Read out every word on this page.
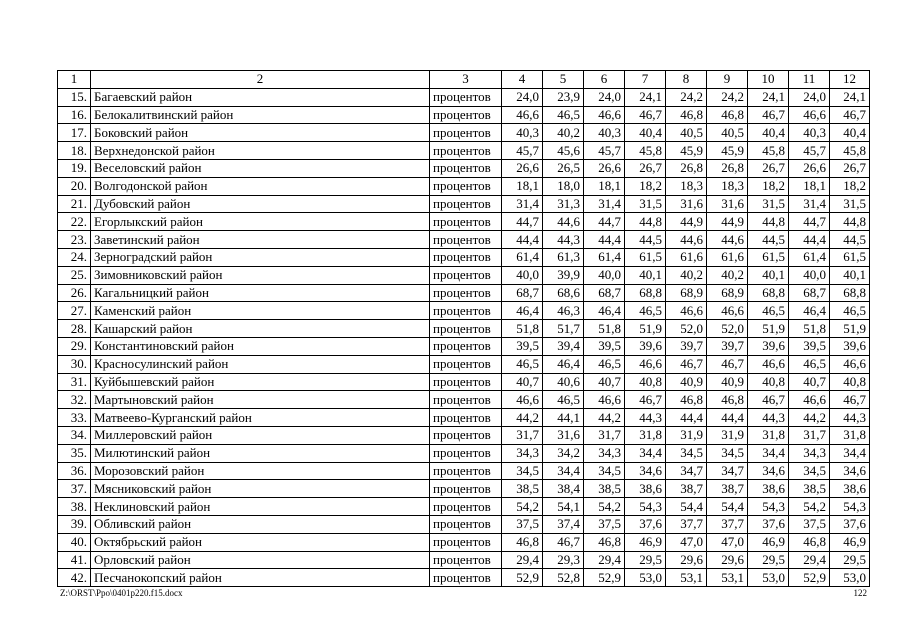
1	2	3	4	5	6	7	8	9	10	11	12
15.	Багаевский район	процентов	24,0	23,9	24,0	24,1	24,2	24,2	24,1	24,0	24,1
16.	Белокалитвинский район	процентов	46,6	46,5	46,6	46,7	46,8	46,8	46,7	46,6	46,7
17.	Боковский район	процентов	40,3	40,2	40,3	40,4	40,5	40,5	40,4	40,3	40,4
18.	Верхнедонской район	процентов	45,7	45,6	45,7	45,8	45,9	45,9	45,8	45,7	45,8
19.	Веселовский район	процентов	26,6	26,5	26,6	26,7	26,8	26,8	26,7	26,6	26,7
20.	Волгодонской район	процентов	18,1	18,0	18,1	18,2	18,3	18,3	18,2	18,1	18,2
21.	Дубовский район	процентов	31,4	31,3	31,4	31,5	31,6	31,6	31,5	31,4	31,5
22.	Егорлыкский район	процентов	44,7	44,6	44,7	44,8	44,9	44,9	44,8	44,7	44,8
23.	Заветинский район	процентов	44,4	44,3	44,4	44,5	44,6	44,6	44,5	44,4	44,5
24.	Зерноградский район	процентов	61,4	61,3	61,4	61,5	61,6	61,6	61,5	61,4	61,5
25.	Зимовниковский район	процентов	40,0	39,9	40,0	40,1	40,2	40,2	40,1	40,0	40,1
26.	Кагальницкий район	процентов	68,7	68,6	68,7	68,8	68,9	68,9	68,8	68,7	68,8
27.	Каменский район	процентов	46,4	46,3	46,4	46,5	46,6	46,6	46,5	46,4	46,5
28.	Кашарский район	процентов	51,8	51,7	51,8	51,9	52,0	52,0	51,9	51,8	51,9
29.	Константиновский район	процентов	39,5	39,4	39,5	39,6	39,7	39,7	39,6	39,5	39,6
30.	Красносулинский район	процентов	46,5	46,4	46,5	46,6	46,7	46,7	46,6	46,5	46,6
31.	Куйбышевский район	процентов	40,7	40,6	40,7	40,8	40,9	40,9	40,8	40,7	40,8
32.	Мартыновский район	процентов	46,6	46,5	46,6	46,7	46,8	46,8	46,7	46,6	46,7
33.	Матвеево-Курганский район	процентов	44,2	44,1	44,2	44,3	44,4	44,4	44,3	44,2	44,3
34.	Миллеровский район	процентов	31,7	31,6	31,7	31,8	31,9	31,9	31,8	31,7	31,8
35.	Милютинский район	процентов	34,3	34,2	34,3	34,4	34,5	34,5	34,4	34,3	34,4
36.	Морозовский район	процентов	34,5	34,4	34,5	34,6	34,7	34,7	34,6	34,5	34,6
37.	Мясниковский район	процентов	38,5	38,4	38,5	38,6	38,7	38,7	38,6	38,5	38,6
38.	Неклиновский район	процентов	54,2	54,1	54,2	54,3	54,4	54,4	54,3	54,2	54,3
39.	Обливский район	процентов	37,5	37,4	37,5	37,6	37,7	37,7	37,6	37,5	37,6
40.	Октябрьский район	процентов	46,8	46,7	46,8	46,9	47,0	47,0	46,9	46,8	46,9
41.	Орловский район	процентов	29,4	29,3	29,4	29,5	29,6	29,6	29,5	29,4	29,5
42.	Песчанокопский район	процентов	52,9	52,8	52,9	53,0	53,1	53,1	53,0	52,9	53,0
Z:\ORST\Ppo\0401p220.f15.docx	122
